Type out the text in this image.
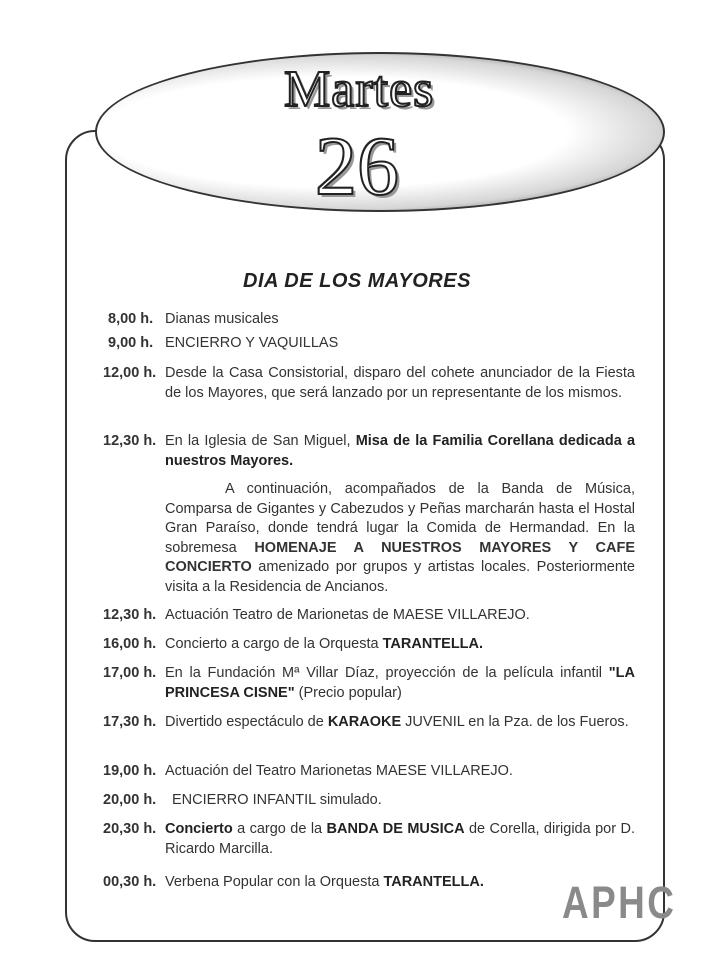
Martes
26
DIA DE LOS MAYORES
8,00 h. Dianas musicales
9,00 h. ENCIERRO Y VAQUILLAS
12,00 h. Desde la Casa Consistorial, disparo del cohete anunciador de la Fiesta de los Mayores, que será lanzado por un representante de los mismos.
12,30 h. En la Iglesia de San Miguel, Misa de la Familia Corellana dedicada a nuestros Mayores.
A continuación, acompañados de la Banda de Música, Comparsa de Gigantes y Cabezudos y Peñas marcharán hasta el Hostal Gran Paraíso, donde tendrá lugar la Comida de Hermandad. En la sobremesa HOMENAJE A NUESTROS MAYORES Y CAFE CONCIERTO amenizado por grupos y artistas locales. Posteriormente visita a la Residencia de Ancianos.
12,30 h. Actuación Teatro de Marionetas de MAESE VILLAREJO.
16,00 h. Concierto a cargo de la Orquesta TARANTELLA.
17,00 h. En la Fundación Mª Villar Díaz, proyección de la película infantil "LA PRINCESA CISNE" (Precio popular)
17,30 h. Divertido espectáculo de KARAOKE JUVENIL en la Pza. de los Fueros.
19,00 h. Actuación del Teatro Marionetas MAESE VILLAREJO.
20,00 h. ENCIERRO INFANTIL simulado.
20,30 h. Concierto a cargo de la BANDA DE MUSICA de Corella, dirigida por D. Ricardo Marcilla.
00,30 h. Verbena Popular con la Orquesta TARANTELLA.	APHC
